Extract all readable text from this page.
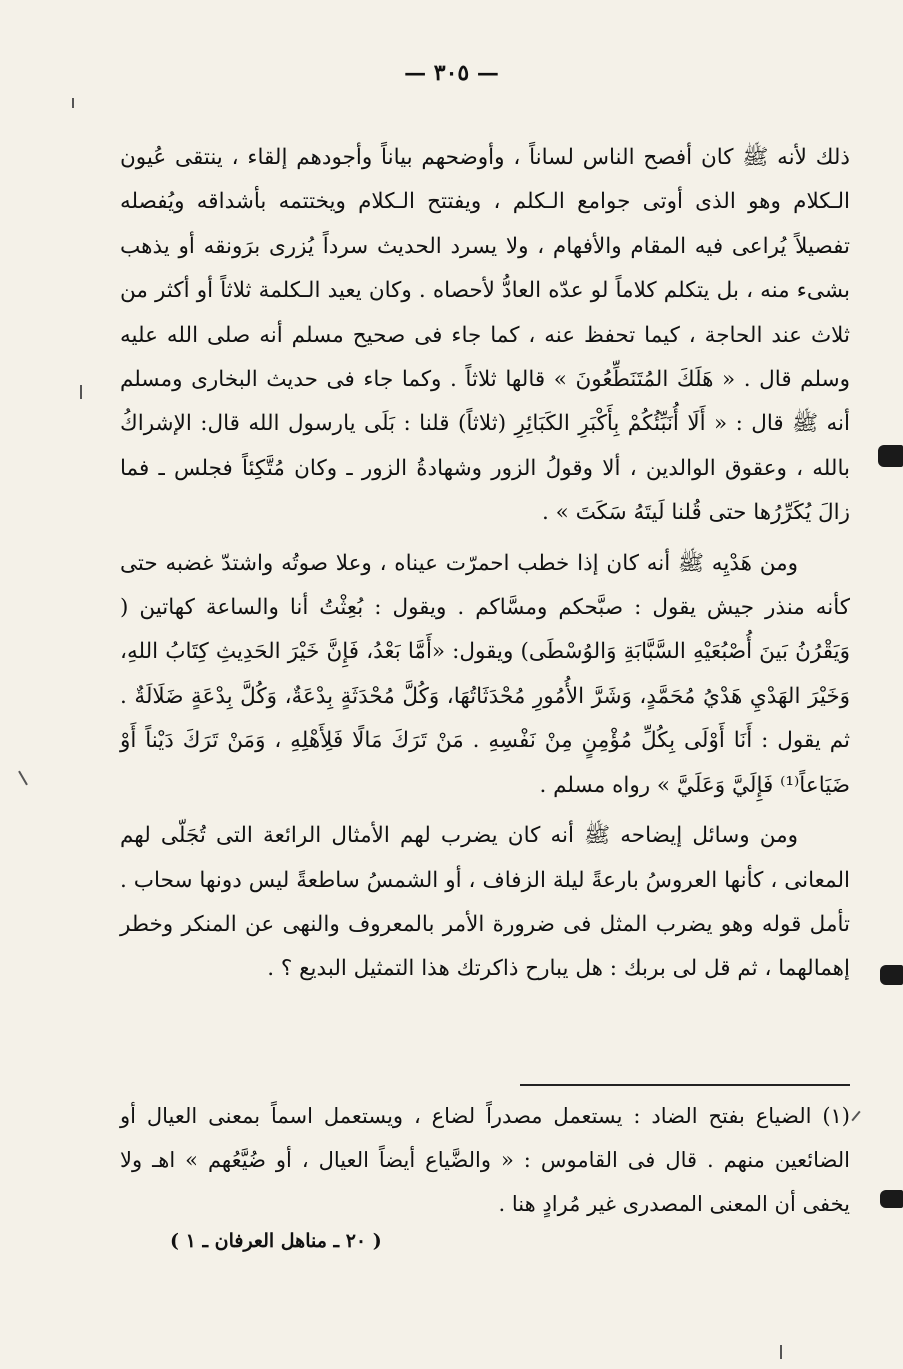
— ٣٠٥ —

ذلك لأنه ﷺ كان أفصح الناس لساناً ، وأوضحهم بياناً وأجودهم إلقاء ، ينتقى عُيون الـكلام وهو الذى أوتى جوامع الـكلم ، ويفتتح الـكلام ويختتمه بأشداقه ويُفصله تفصيلاً يُراعى فيه المقام والأفهام ، ولا يسرد الحديث سرداً يُزرى برَونقه أو يذهب بشىء منه ، بل يتكلم كلاماً لو عدّه العادُّ لأحصاه . وكان يعيد الـكلمة ثلاثاً أو أكثر من ثلاث عند الحاجة ، كيما تحفظ عنه ، كما جاء فى صحيح مسلم أنه صلى الله عليه وسلم قال . « هَلَكَ المُتَنَطِّعُونَ » قالها ثلاثاً . وكما جاء فى حديث البخارى ومسلم أنه ﷺ قال : « أَلَا أُنَبِّئُكُمْ بِأَكْبَرِ الكَبَائِرِ (ثلاثاً) قلنا : بَلَى يارسول الله قال: الإشراكُ بالله ، وعقوق الوالدين ، ألا وقولُ الزور وشهادةُ الزور ـ وكان مُتَّكِئاً فجلس ـ فما زالَ يُكَرِّرُها حتى قُلنا لَيتَهُ سَكَتَ » .

ومن هَدْيِه ﷺ أنه كان إذا خطب احمرّت عيناه ، وعلا صوتُه واشتدّ غضبه حتى كأنه منذر جيش يقول : صبَّحكم ومسَّاكم . ويقول : بُعِثْتُ أنا والساعة كهاتين ( وَيَقْرُنُ بَينَ أُصْبُعَيْهِ السَّبَّابَةِ وَالوُسْطَى) ويقول: «أَمَّا بَعْدُ، فَإِنَّ خَيْرَ الحَدِيثِ كِتَابُ اللهِ، وَخَيْرَ الهَدْيِ هَدْيُ مُحَمَّدٍ، وَشَرَّ الأُمُورِ مُحْدَثَاتُهَا، وَكُلَّ مُحْدَثَةٍ بِدْعَةٌ، وَكُلَّ بِدْعَةٍ ضَلَالَةٌ . ثم يقول : أَنَا أَوْلَى بِكُلِّ مُؤْمِنٍ مِنْ نَفْسِهِ . مَنْ تَرَكَ مَالًا فَلِأَهْلِهِ ، وَمَنْ تَرَكَ دَيْناً أَوْ ضَيَاعاً⁽¹⁾ فَإِلَيَّ وَعَلَيَّ » رواه مسلم .

ومن وسائل إيضاحه ﷺ أنه كان يضرب لهم الأمثال الرائعة التى تُجَلّى لهم المعانى ، كأنها العروسُ بارعةً ليلة الزفاف ، أو الشمسُ ساطعةً ليس دونها سحاب . تأمل قوله وهو يضرب المثل فى ضرورة الأمر بالمعروف والنهى عن المنكر وخطر إهمالهما ، ثم قل لى بربك : هل يبارح ذاكرتك هذا التمثيل البديع ؟ .

(١) الضياع بفتح الضاد : يستعمل مصدراً لضاع ، ويستعمل اسماً بمعنى العيال أو الضائعين منهم . قال فى القاموس : « والضَّياع أيضاً العيال ، أو ضُيَّعُهم » اهـ ولا يخفى أن المعنى المصدرى غير مُرادٍ هنا .

( ٢٠ ـ مناهل العرفان ـ ١ )
